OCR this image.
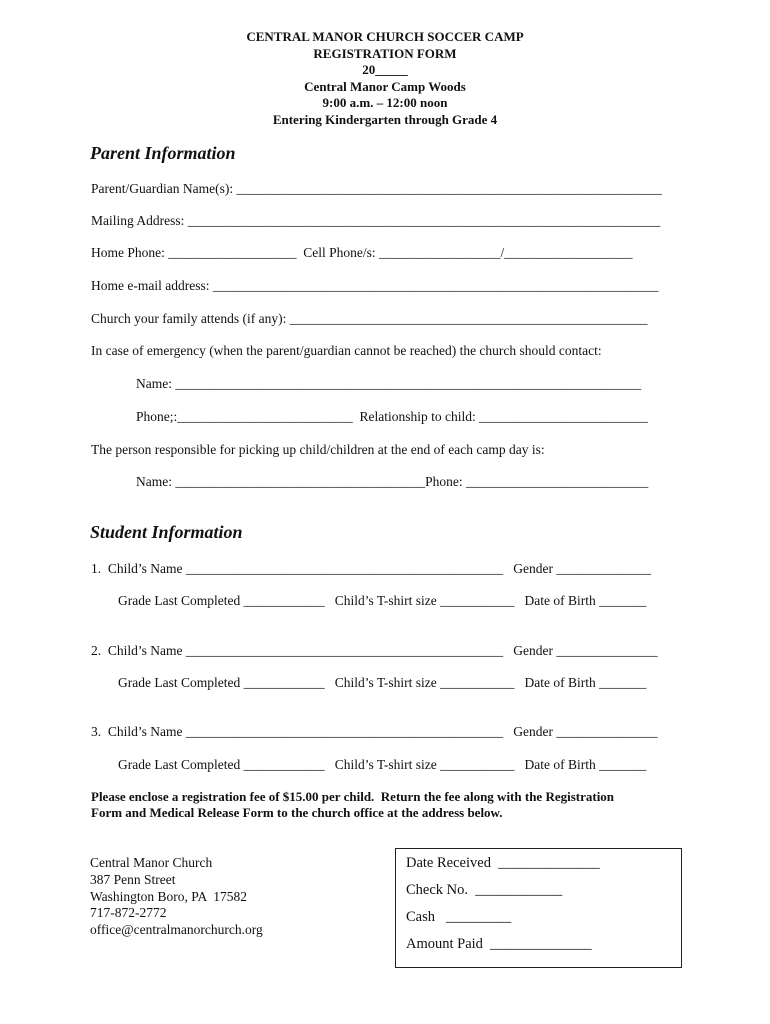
CENTRAL MANOR CHURCH SOCCER CAMP
REGISTRATION FORM
20_____
Central Manor Camp Woods
9:00 a.m. – 12:00 noon
Entering Kindergarten through Grade 4
Parent Information
Parent/Guardian Name(s): _______________________________________________________________
Mailing Address: ______________________________________________________________________
Home Phone: ___________________  Cell Phone/s: __________________/___________________
Home e-mail address: __________________________________________________________________
Church your family attends (if any): _____________________________________________________
In case of emergency (when the parent/guardian cannot be reached) the church should contact:
Name: _____________________________________________________________________
Phone;:__________________________  Relationship to child: _________________________
The person responsible for picking up child/children at the end of each camp day is:
Name: _____________________________________Phone: ___________________________
Student Information
1.  Child’s Name _______________________________________________   Gender ______________
Grade Last Completed ____________   Child’s T-shirt size ___________   Date of Birth _______
2.  Child’s Name _______________________________________________   Gender _______________
Grade Last Completed ____________   Child’s T-shirt size ___________   Date of Birth _______
3.  Child’s Name _______________________________________________   Gender _______________
Grade Last Completed ____________   Child’s T-shirt size ___________   Date of Birth _______
Please enclose a registration fee of $15.00 per child.  Return the fee along with the Registration
Form and Medical Release Form to the church office at the address below.
Central Manor Church
387 Penn Street
Washington Boro, PA  17582
717-872-2772
office@centralmanorchurch.org
Date Received  ______________
Check No.  ____________
Cash   _________
Amount Paid  ______________
